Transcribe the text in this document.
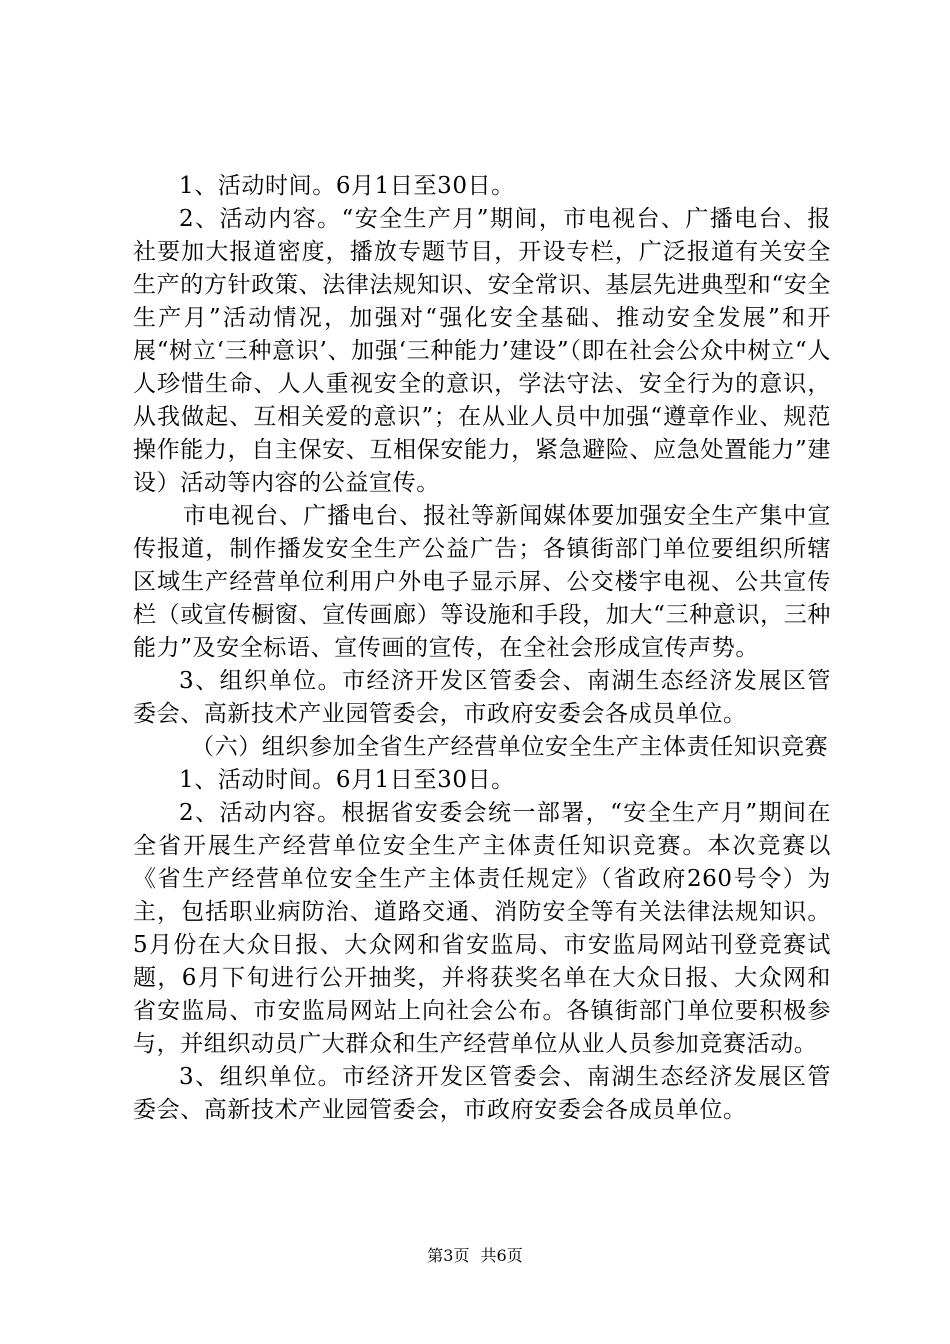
1、活动时间。6月1日至30日。

2、活动内容。“安全生产月”期间，市电视台、广播电台、报社要加大报道密度，播放专题节目，开设专栏，广泛报道有关安全生产的方针政策、法律法规知识、安全常识、基层先进典型和“安全生产月”活动情况，加强对“强化安全基础、推动安全发展”和开展“树立‘三种意识’、加强‘三种能力’建设”（即在社会公众中树立“人人珍惜生命、人人重视安全的意识，学法守法、安全行为的意识，从我做起、互相关爱的意识”；在从业人员中加强“遵章作业、规范操作能力，自主保安、互相保安能力，紧急避险、应急处置能力”建设）活动等内容的公益宣传。

市电视台、广播电台、报社等新闻媒体要加强安全生产集中宣传报道，制作播发安全生产公益广告；各镇街部门单位要组织所辖区域生产经营单位利用户外电子显示屏、公交楼宇电视、公共宣传栏（或宣传橱窗、宣传画廊）等设施和手段，加大“三种意识，三种能力”及安全标语、宣传画的宣传，在全社会形成宣传声势。

3、组织单位。市经济开发区管委会、南湖生态经济发展区管委会、高新技术产业园管委会，市政府安委会各成员单位。

（六）组织参加全省生产经营单位安全生产主体责任知识竞赛

1、活动时间。6月1日至30日。

2、活动内容。根据省安委会统一部署，“安全生产月”期间在全省开展生产经营单位安全生产主体责任知识竞赛。本次竞赛以《省生产经营单位安全生产主体责任规定》（省政府260号令）为主，包括职业病防治、道路交通、消防安全等有关法律法规知识。5月份在大众日报、大众网和省安监局、市安监局网站刊登竞赛试题，6月下旬进行公开抽奖，并将获奖名单在大众日报、大众网和省安监局、市安监局网站上向社会公布。各镇街部门单位要积极参与，并组织动员广大群众和生产经营单位从业人员参加竞赛活动。

3、组织单位。市经济开发区管委会、南湖生态经济发展区管委会、高新技术产业园管委会，市政府安委会各成员单位。

第3页 共6页
